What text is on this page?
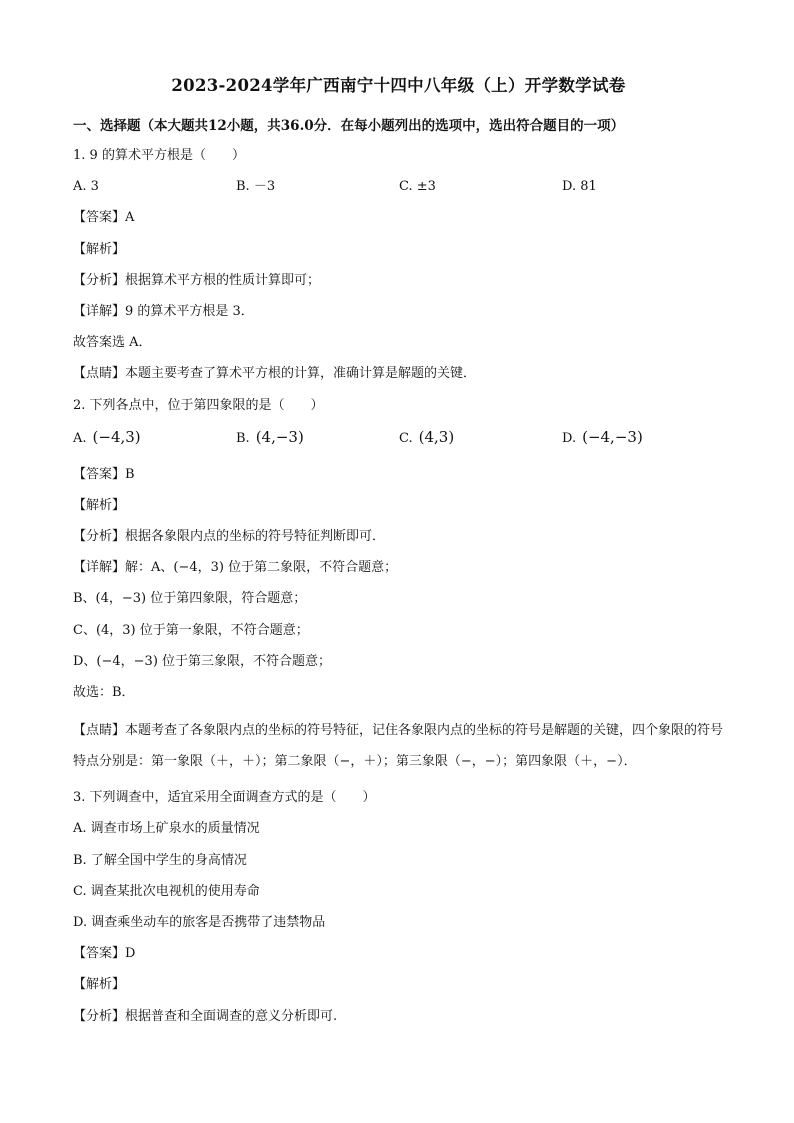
2023-2024学年广西南宁十四中八年级（上）开学数学试卷
一、选择题（本大题共12小题，共36.0分．在每小题列出的选项中，选出符合题目的一项）
1. 9 的算术平方根是（　　）
A. 3	B. －3	C. ±3	D. 81
【答案】A
【解析】
【分析】根据算术平方根的性质计算即可；
【详解】9 的算术平方根是 3．
故答案选 A．
【点睛】本题主要考查了算术平方根的计算，准确计算是解题的关键．
2. 下列各点中，位于第四象限的是（　　）
A. (−4,3)	B. (4,−3)	C. (4,3)	D. (−4,−3)
【答案】B
【解析】
【分析】根据各象限内点的坐标的符号特征判断即可．
【详解】解：A、(−4，3) 位于第二象限，不符合题意；
B、(4，−3) 位于第四象限，符合题意；
C、(4，3) 位于第一象限，不符合题意；
D、(−4，−3) 位于第三象限，不符合题意；
故选：B．
【点睛】本题考查了各象限内点的坐标的符号特征，记住各象限内点的坐标的符号是解题的关键，四个象限的符号特点分别是：第一象限（＋，＋）；第二象限（−，＋）；第三象限（−，−）；第四象限（＋，−）．
3. 下列调查中，适宜采用全面调查方式的是（　　）
A. 调查市场上矿泉水的质量情况
B. 了解全国中学生的身高情况
C. 调查某批次电视机的使用寿命
D. 调查乘坐动车的旅客是否携带了违禁物品
【答案】D
【解析】
【分析】根据普查和全面调查的意义分析即可.
